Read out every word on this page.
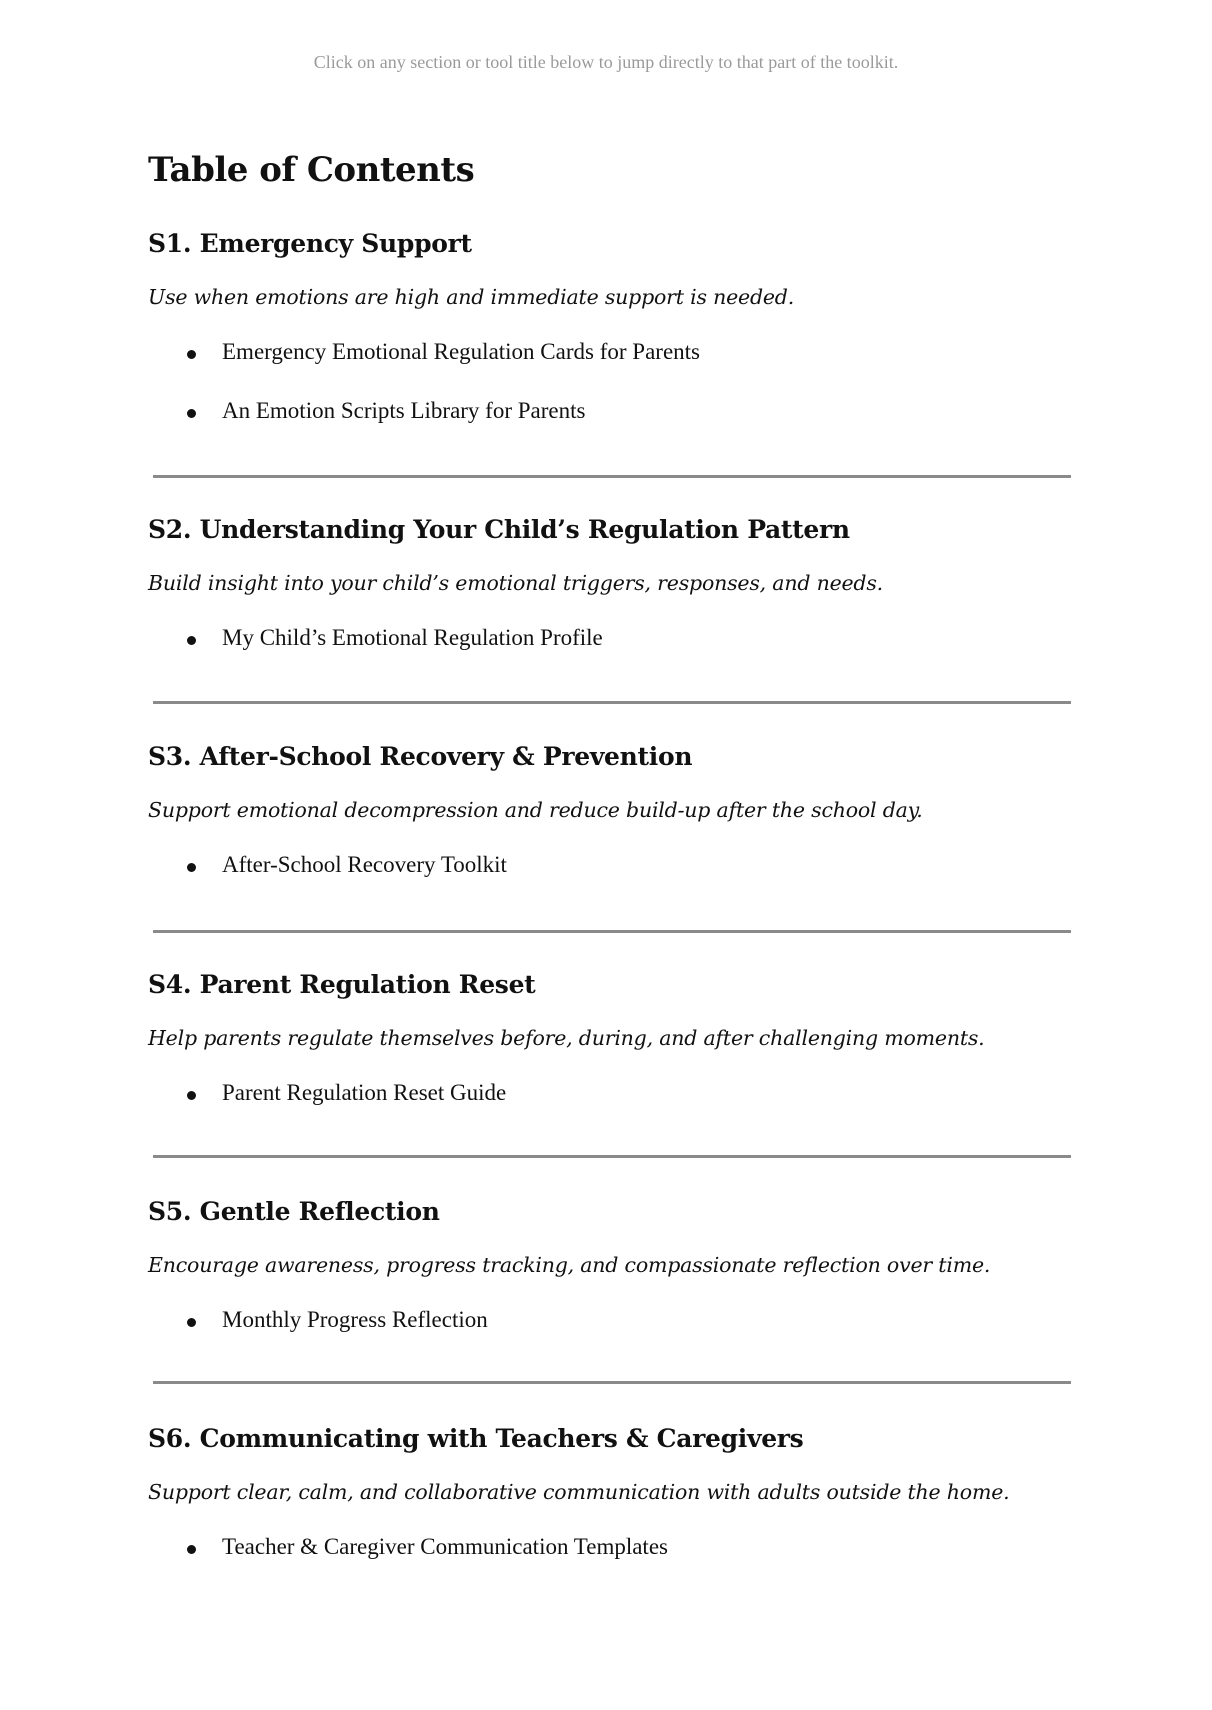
Click on any section or tool title below to jump directly to that part of the toolkit.
Table of Contents
S1. Emergency Support

Use when emotions are high and immediate support is needed.

Emergency Emotional Regulation Cards for Parents
An Emotion Scripts Library for Parents
S2. Understanding Your Child’s Regulation Pattern

Build insight into your child’s emotional triggers, responses, and needs.

My Child’s Emotional Regulation Profile
S3. After-School Recovery & Prevention

Support emotional decompression and reduce build-up after the school day.

After-School Recovery Toolkit
S4. Parent Regulation Reset

Help parents regulate themselves before, during, and after challenging moments.

Parent Regulation Reset Guide
S5. Gentle Reflection

Encourage awareness, progress tracking, and compassionate reflection over time.

Monthly Progress Reflection
S6. Communicating with Teachers & Caregivers

Support clear, calm, and collaborative communication with adults outside the home.

Teacher & Caregiver Communication Templates
